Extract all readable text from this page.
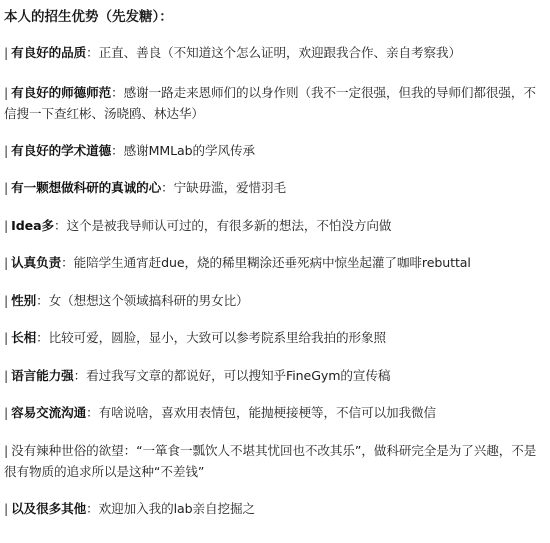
本人的招生优势（先发糖）：
| 有良好的品质：正直、善良（不知道这个怎么证明，欢迎跟我合作、亲自考察我）
| 有良好的师德师范：感谢一路走来恩师们的以身作则（我不一定很强，但我的导师们都很强，不信搜一下查红彬、汤晓鸥、林达华）
| 有良好的学术道德：感谢MMLab的学风传承
| 有一颗想做科研的真诚的心：宁缺毋滥，爱惜羽毛
| Idea多：这个是被我导师认可过的，有很多新的想法，不怕没方向做
| 认真负责：能陪学生通宵赶due，烧的稀里糊涂还垂死病中惊坐起灌了咖啡rebuttal
| 性别：女（想想这个领域搞科研的男女比）
| 长相：比较可爱，圆脸，显小，大致可以参考院系里给我拍的形象照
| 语言能力强：看过我写文章的都说好，可以搜知乎FineGym的宣传稿
| 容易交流沟通：有啥说啥，喜欢用表情包，能抛梗接梗等，不信可以加我微信
| 没有辣种世俗的欲望：“一箪食一瓢饮人不堪其忧回也不改其乐”，做科研完全是为了兴趣，不是很有物质的追求所以是这种“不差钱”
| 以及很多其他：欢迎加入我的lab亲自挖掘之
